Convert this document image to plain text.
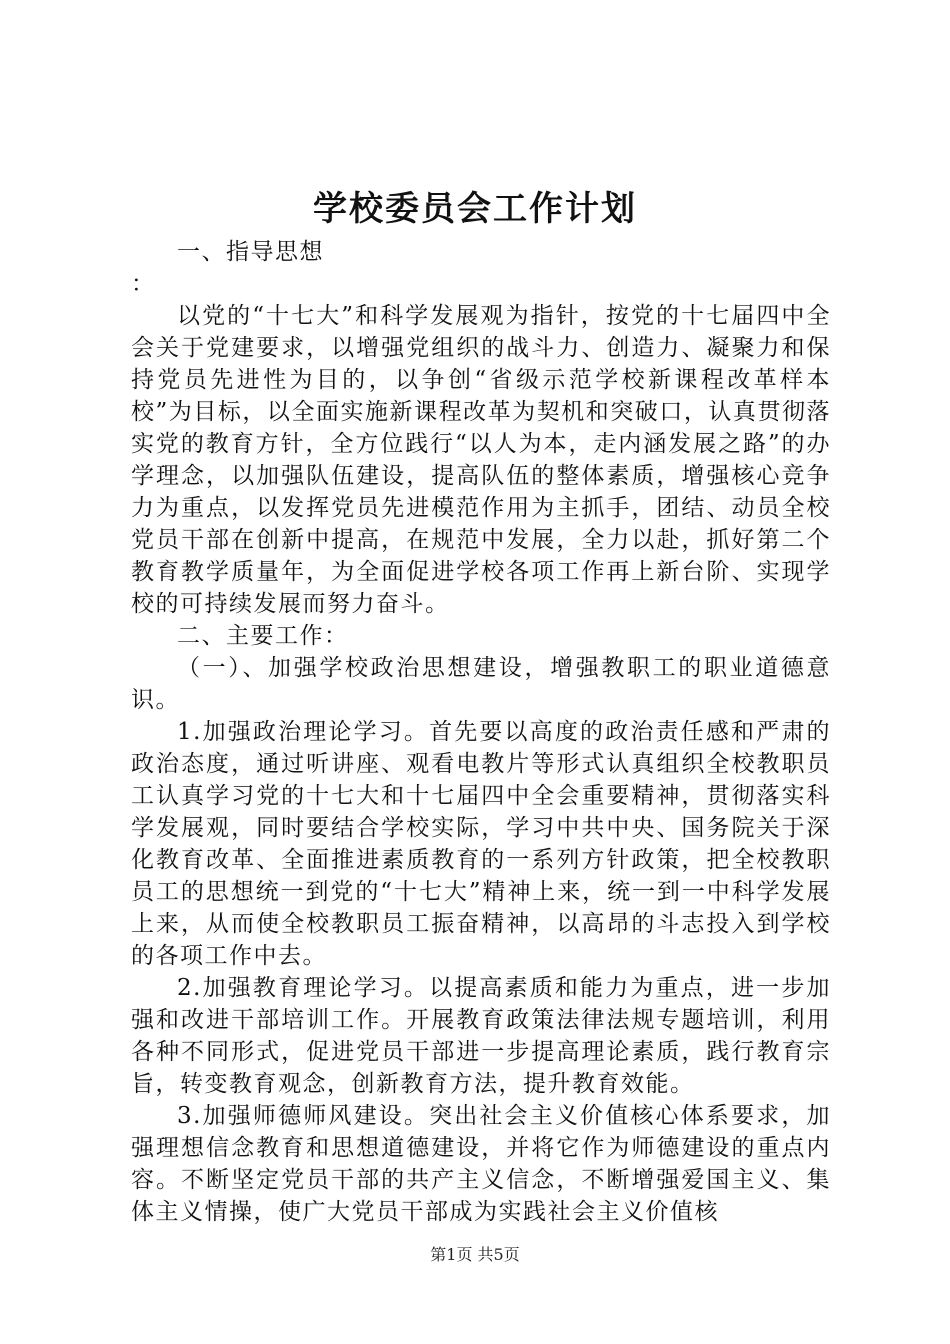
学校委员会工作计划

一、指导思想

：

以党的“十七大”和科学发展观为指针，按党的十七届四中全会关于党建要求，以增强党组织的战斗力、创造力、凝聚力和保持党员先进性为目的，以争创“省级示范学校新课程改革样本校”为目标，以全面实施新课程改革为契机和突破口，认真贯彻落实党的教育方针，全方位践行“以人为本，走内涵发展之路”的办学理念，以加强队伍建设，提高队伍的整体素质，增强核心竞争力为重点，以发挥党员先进模范作用为主抓手，团结、动员全校党员干部在创新中提高，在规范中发展，全力以赴，抓好第二个教育教学质量年，为全面促进学校各项工作再上新台阶、实现学校的可持续发展而努力奋斗。

二、主要工作：

（一）、加强学校政治思想建设，增强教职工的职业道德意识。

1.加强政治理论学习。首先要以高度的政治责任感和严肃的政治态度，通过听讲座、观看电教片等形式认真组织全校教职员工认真学习党的十七大和十七届四中全会重要精神，贯彻落实科学发展观，同时要结合学校实际，学习中共中央、国务院关于深化教育改革、全面推进素质教育的一系列方针政策，把全校教职员工的思想统一到党的“十七大”精神上来，统一到一中科学发展上来，从而使全校教职员工振奋精神，以高昂的斗志投入到学校的各项工作中去。

2.加强教育理论学习。以提高素质和能力为重点，进一步加强和改进干部培训工作。开展教育政策法律法规专题培训，利用各种不同形式，促进党员干部进一步提高理论素质，践行教育宗旨，转变教育观念，创新教育方法，提升教育效能。

3.加强师德师风建设。突出社会主义价值核心体系要求，加强理想信念教育和思想道德建设，并将它作为师德建设的重点内容。不断坚定党员干部的共产主义信念，不断增强爱国主义、集体主义情操，使广大党员干部成为实践社会主义价值核

第1页 共5页
